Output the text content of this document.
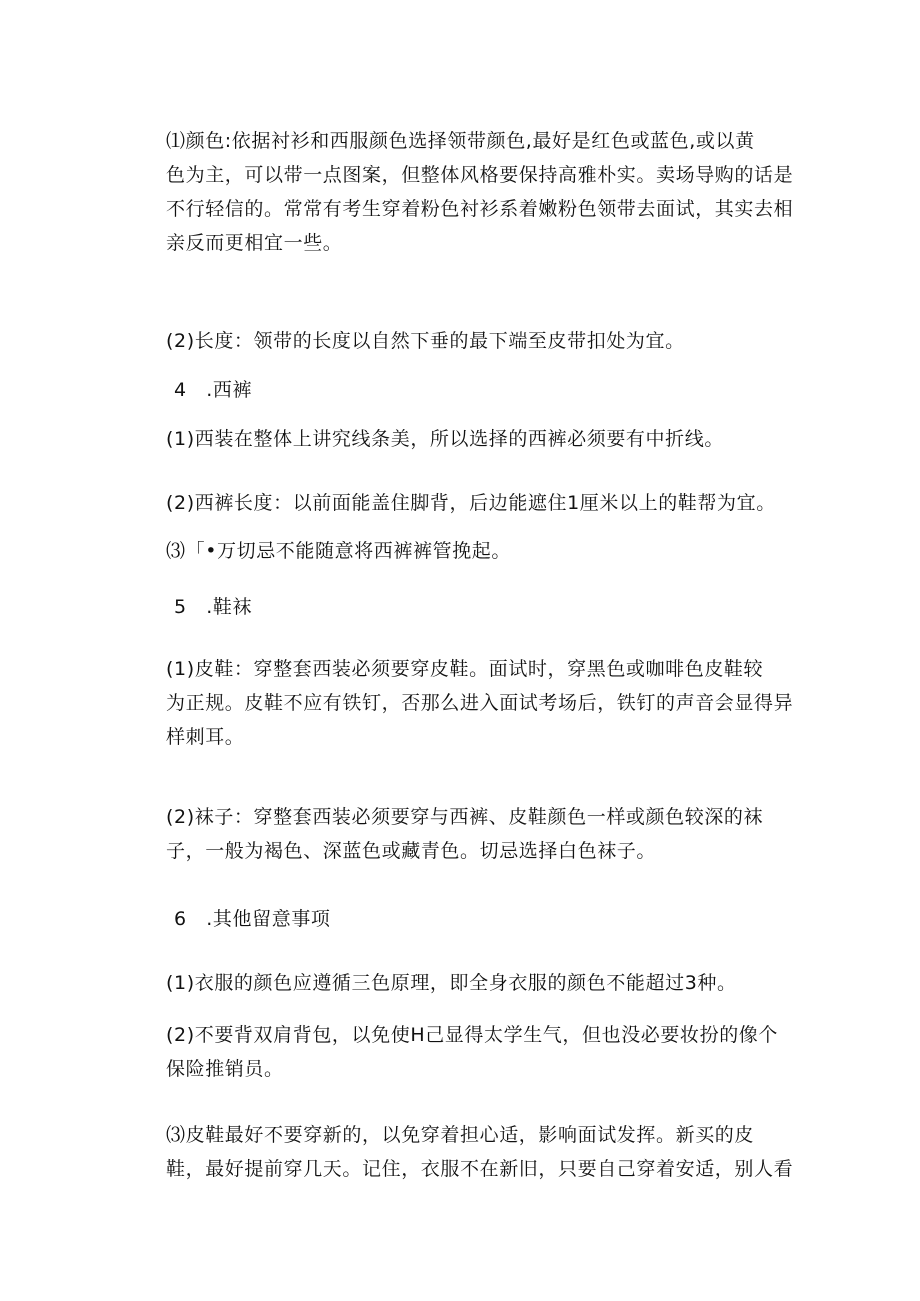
⑴颜色:依据衬衫和西服颜色选择领带颜色,最好是红色或蓝色,或以黄
色为主，可以带一点图案，但整体风格要保持高雅朴实。卖场导购的话是
不行轻信的。常常有考生穿着粉色衬衫系着嫩粉色领带去面试，其实去相
亲反而更相宜一些。
(2)长度：领带的长度以自然下垂的最下端至皮带扣处为宜。
4 .西裤
(1)西装在整体上讲究线条美，所以选择的西裤必须要有中折线。
(2)西裤长度：以前面能盖住脚背，后边能遮住1厘米以上的鞋帮为宜。
⑶「•万切忌不能随意将西裤裤管挽起。
5 .鞋袜
(1)皮鞋：穿整套西装必须要穿皮鞋。面试时，穿黑色或咖啡色皮鞋较
为正规。皮鞋不应有铁钉，否那么进入面试考场后，铁钉的声音会显得异
样刺耳。
(2)袜子：穿整套西装必须要穿与西裤、皮鞋颜色一样或颜色较深的袜
子，一般为褐色、深蓝色或藏青色。切忌选择白色袜子。
6 .其他留意事项
(1)衣服的颜色应遵循三色原理，即全身衣服的颜色不能超过3种。
(2)不要背双肩背包，以免使H己显得太学生气，但也没必要妆扮的像个
保险推销员。
⑶皮鞋最好不要穿新的，以免穿着担心适，影响面试发挥。新买的皮
鞋，最好提前穿几天。记住，衣服不在新旧，只要自己穿着安适，别人看
